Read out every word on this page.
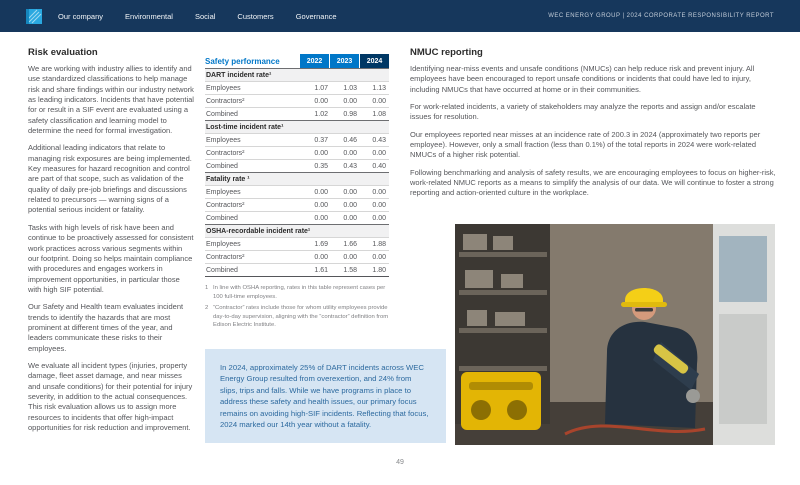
Our company	Environmental	Social	Customers	Governance	WEC ENERGY GROUP | 2024 CORPORATE RESPONSIBILITY REPORT
Risk evaluation

We are working with industry allies to identify and use standardized classifications to help manage risk and share findings within our industry network as leading indicators. Incidents that have potential for or result in a SIF event are evaluated using a safety classification and learning model to determine the need for formal investigation.

Additional leading indicators that relate to managing risk exposures are being implemented. Key measures for hazard recognition and control are part of that scope, such as validation of the quality of daily pre-job briefings and discussions related to precursors — warning signs of a potential serious incident or fatality.

Tasks with high levels of risk have been and continue to be proactively assessed for consistent work practices across various segments within our footprint. Doing so helps maintain compliance with procedures and engages workers in improvement opportunities, in particular those with high SIF potential.

Our Safety and Health team evaluates incident trends to identify the hazards that are most prominent at different times of the year, and leaders communicate these risks to their employees.

We evaluate all incident types (injuries, property damage, fleet asset damage, and near misses and unsafe conditions) for their potential for injury severity, in addition to the actual consequences. This risk evaluation allows us to assign more resources to incidents that offer high-impact opportunities for risk reduction and improvement.

Safety performance	2022	2023	2024
DART incident rate¹
Employees	1.07	1.03	1.13
Contractors²	0.00	0.00	0.00
Combined	1.02	0.98	1.08
Lost-time incident rate¹
Employees	0.37	0.46	0.43
Contractors²	0.00	0.00	0.00
Combined	0.35	0.43	0.40
Fatality rate ¹
Employees	0.00	0.00	0.00
Contractors²	0.00	0.00	0.00
Combined	0.00	0.00	0.00
OSHA-recordable incident rate¹
Employees	1.69	1.66	1.88
Contractors²	0.00	0.00	0.00
Combined	1.61	1.58	1.80
1 In line with OSHA reporting, rates in this table represent cases per 100 full-time employees.
2 “Contractor” rates include those for whom utility employees provide day-to-day supervision, aligning with the “contractor” definition from Edison Electric Institute.
In 2024, approximately 25% of DART incidents across WEC Energy Group resulted from overexertion, and 24% from slips, trips and falls. While we have programs in place to address these safety and health issues, our primary focus remains on avoiding high-SIF incidents. Reflecting that focus, 2024 marked our 14th year without a fatality.
NMUC reporting

Identifying near-miss events and unsafe conditions (NMUCs) can help reduce risk and prevent injury. All employees have been encouraged to report unsafe conditions or incidents that could have led to injury, including NMUCs that have occurred at home or in their communities.

For work-related incidents, a variety of stakeholders may analyze the reports and assign and/or escalate issues for resolution.

Our employees reported near misses at an incidence rate of 200.3 in 2024 (approximately two reports per employee). However, only a small fraction (less than 0.1%) of the total reports in 2024 were work-related NMUCs of a higher risk potential.

Following benchmarking and analysis of safety results, we are encouraging employees to focus on higher-risk, work-related NMUC reports as a means to simplify the analysis of our data. We will continue to foster a strong reporting and action-oriented culture in the workplace.

49
